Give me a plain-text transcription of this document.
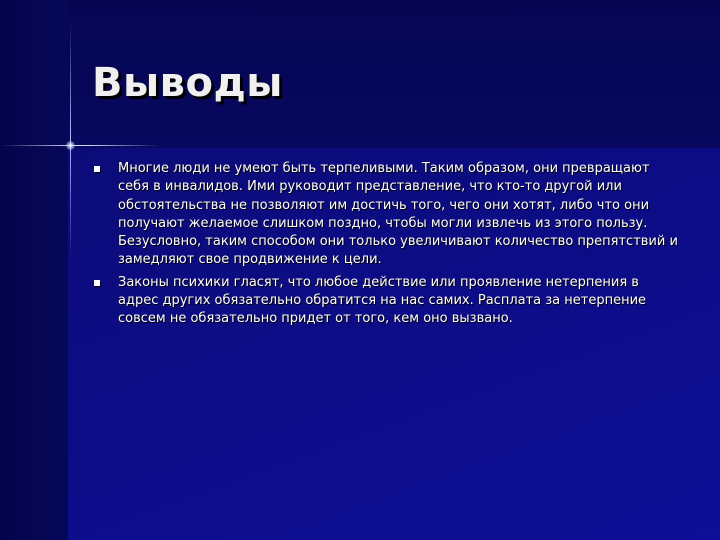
Выводы
Многие люди не умеют быть терпеливыми. Таким образом, они превращают себя в инвалидов. Ими руководит представление, что кто-то другой или обстоятельства не позволяют им достичь того, чего они хотят, либо что они получают желаемое слишком поздно, чтобы могли извлечь из этого пользу. Безусловно, таким способом они только увеличивают количество препятствий и замедляют свое продвижение к цели.
Законы психики гласят, что любое действие или проявление нетерпения в адрес других обязательно обратится на нас самих. Расплата за нетерпение совсем не обязательно придет от того, кем оно вызвано.
